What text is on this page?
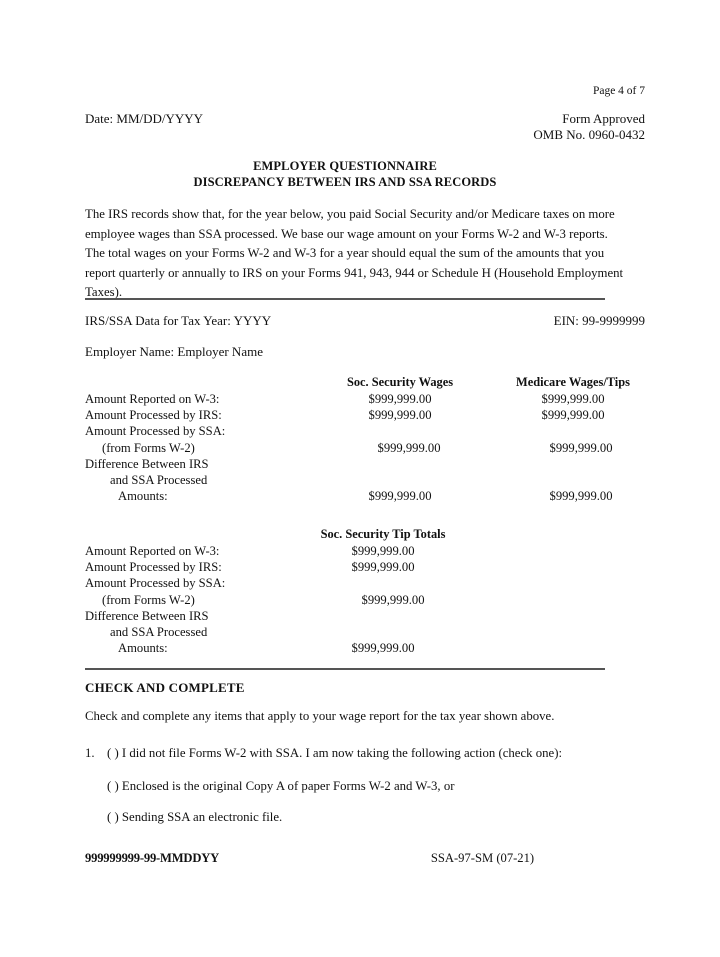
Page 4 of 7
Date: MM/DD/YYYY	Form Approved
OMB No. 0960-0432
EMPLOYER QUESTIONNAIRE
DISCREPANCY BETWEEN IRS AND SSA RECORDS
The IRS records show that, for the year below, you paid Social Security and/or Medicare taxes on more employee wages than SSA processed. We base our wage amount on your Forms W-2 and W-3 reports. The total wages on your Forms W-2 and W-3 for a year should equal the sum of the amounts that you report quarterly or annually to IRS on your Forms 941, 943, 944 or Schedule H (Household Employment Taxes).
IRS/SSA Data for Tax Year: YYYY	EIN: 99-9999999
Employer Name: Employer Name
Soc. Security Wages	Medicare Wages/Tips
Amount Reported on W-3:	$999,999.00	$999,999.00
Amount Processed by IRS:	$999,999.00	$999,999.00
Amount Processed by SSA:
(from Forms W-2)	$999,999.00	$999,999.00
Difference Between IRS
and SSA Processed
Amounts:	$999,999.00	$999,999.00
Soc. Security Tip Totals
Amount Reported on W-3:	$999,999.00
Amount Processed by IRS:	$999,999.00
Amount Processed by SSA:
(from Forms W-2)	$999,999.00
Difference Between IRS
and SSA Processed
Amounts:	$999,999.00
CHECK AND COMPLETE
Check and complete any items that apply to your wage report for the tax year shown above.
1. ( ) I did not file Forms W-2 with SSA. I am now taking the following action (check one):
( ) Enclosed is the original Copy A of paper Forms W-2 and W-3, or
( ) Sending SSA an electronic file.
999999999-99-MMDDYY	SSA-97-SM (07-21)
